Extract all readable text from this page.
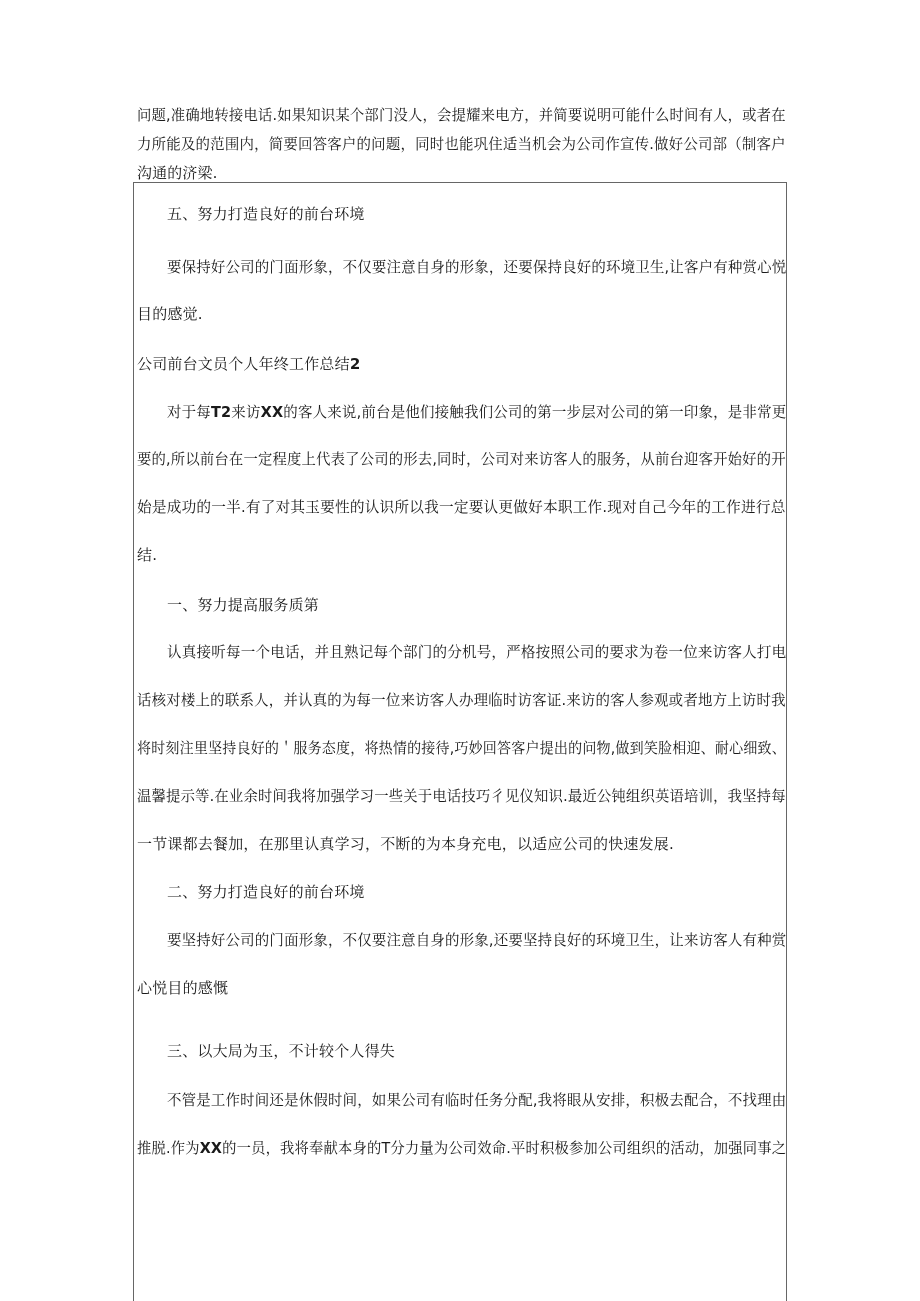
问题,准确地转接电话.如果知识某个部门没人，会提耀来电方，并简要说明可能什么时间有人，或者在

力所能及的范围内，简要回答客户的问题，同时也能巩住适当机会为公司作宣传.做好公司部（制客户

沟通的济梁.

五、努力打造良好的前台环境
要保持好公司的门面形象，不仅要注意自身的形象，还要保持良好的环境卫生,让客户有种赏心悦
目的感觉.
公司前台文员个人年终工作总结2
对于每T2来访XX的客人来说,前台是他们接触我们公司的第一步层对公司的第一印象，是非常更
要的,所以前台在一定程度上代表了公司的形去,同时，公司对来访客人的服务，从前台迎客开始好的开
始是成功的一半.有了对其玉要性的认识所以我一定要认更做好本职工作.现对自己今年的工作进行总
结.
一、努力提高服务质第
认真接听每一个电话，并且熟记每个部门的分机号，严格按照公司的要求为卷一位来访客人打电
话核对楼上的联系人，并认真的为每一位来访客人办理临时访客证.来访的客人参观或者地方上访时我
将时刻注里坚持良好的＇服务态度，将热情的接待,巧妙回答客户提出的问物,做到笑脸相迎、耐心细致、
温馨提示等.在业余时间我将加强学习一些关于电话技巧彳见仪知识.最近公钝组织英语培训，我坚持每
一节课都去餐加，在那里认真学习，不断的为本身充电，以适应公司的快速发展.
二、努力打造良好的前台环境
要坚持好公司的门面形象，不仅要注意自身的形象,还要坚持良好的环境卫生，让来访客人有种赏
心悦目的感慨
三、以大局为玉，不计较个人得失
不管是工作时间还是休假时间，如果公司有临时任务分配,我将眼从安排，积极去配合，不找理由
推脱.作为XX的一员，我将奉献本身的T分力量为公司效命.平时积极参加公司组织的活动，加强同事之
